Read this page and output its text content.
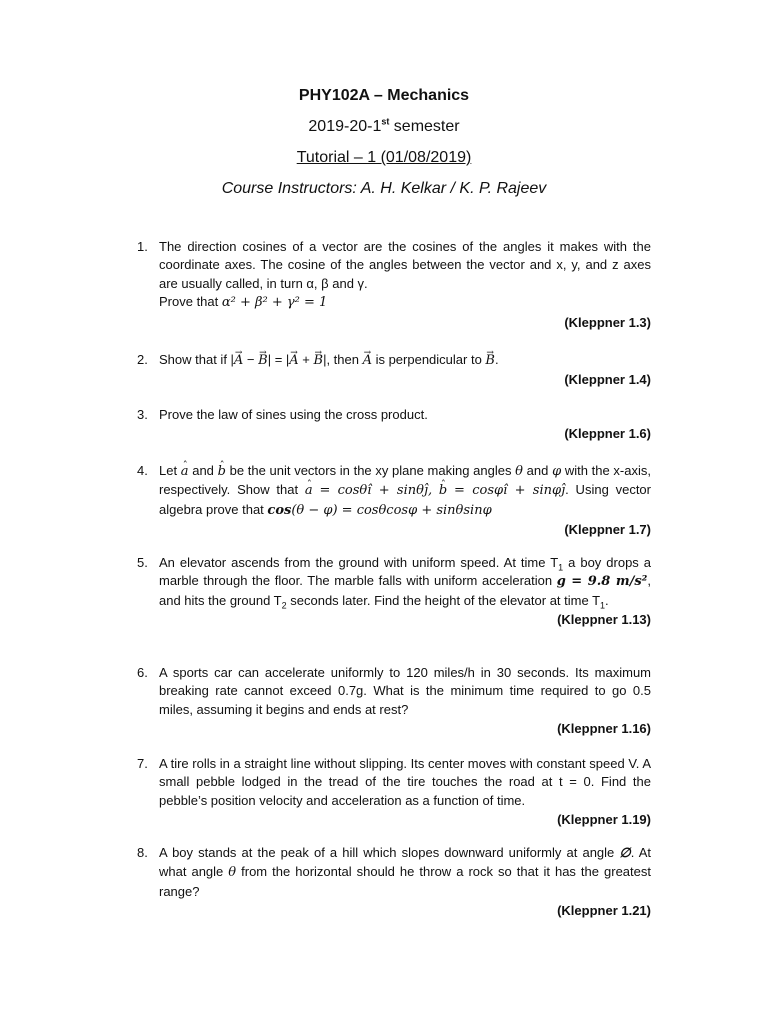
PHY102A – Mechanics
2019-20-1st semester
Tutorial – 1 (01/08/2019)
Course Instructors: A. H. Kelkar / K. P. Rajeev
1. The direction cosines of a vector are the cosines of the angles it makes with the coordinate axes. The cosine of the angles between the vector and x, y, and z axes are usually called, in turn α, β and γ.
Prove that α² + β² + γ² = 1
(Kleppner 1.3)
2. Show that if |→ A − → B| = |→ A + → B|, then → A is perpendicular to → B.
(Kleppner 1.4)
3. Prove the law of sines using the cross product.
(Kleppner 1.6)
4. Let ˆ a and ˆ b be the unit vectors in the xy plane making angles θ and φ with the x-axis, respectively. Show that ˆ a = cosθî + sinθĵ, ˆ b = cosφî + sinφĵ. Using vector algebra prove that cos(θ − φ) = cosθcosφ + sinθsinφ
(Kleppner 1.7)
5. An elevator ascends from the ground with uniform speed. At time $T_1$ a boy drops a marble through the floor. The marble falls with uniform acceleration g = 9.8 m/s², and hits the ground $T_2$ seconds later. Find the height of the elevator at time $T_1$.
(Kleppner 1.13)
6. A sports car can accelerate uniformly to 120 miles/h in 30 seconds. Its maximum breaking rate cannot exceed 0.7g. What is the minimum time required to go 0.5 miles, assuming it begins and ends at rest?
(Kleppner 1.16)
7. A tire rolls in a straight line without slipping. Its center moves with constant speed V. A small pebble lodged in the tread of the tire touches the road at t = 0. Find the pebble’s position velocity and acceleration as a function of time.
(Kleppner 1.19)
8. A boy stands at the peak of a hill which slopes downward uniformly at angle ∅. At what angle θ from the horizontal should he throw a rock so that it has the greatest range?
(Kleppner 1.21)
